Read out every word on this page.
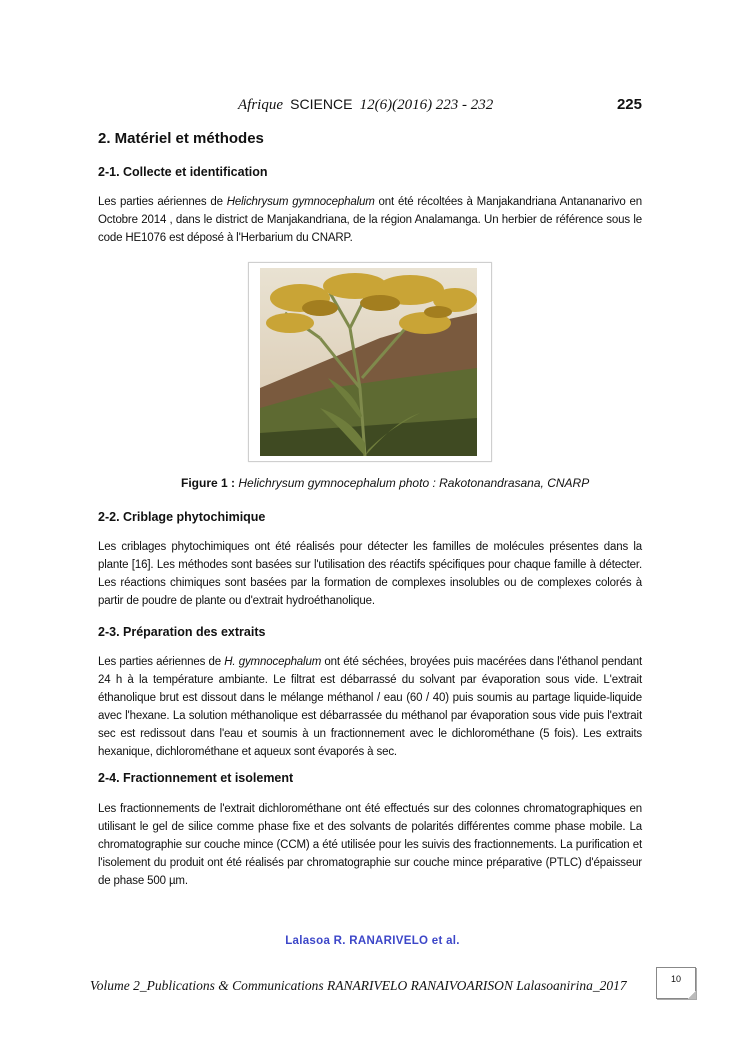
Afrique SCIENCE 12(6)(2016) 223 - 232	225
2. Matériel et méthodes
2-1. Collecte et identification
Les parties aériennes de Helichrysum gymnocephalum ont été récoltées à Manjakandriana Antananarivo en Octobre 2014 , dans le district de Manjakandriana, de la région Analamanga. Un herbier de référence sous le code HE1076 est déposé à l'Herbarium du CNARP.
Figure 1 : Helichrysum gymnocephalum photo : Rakotonandrasana, CNARP
2-2. Criblage phytochimique
Les criblages phytochimiques ont été réalisés pour détecter les familles de molécules présentes dans la plante [16]. Les méthodes sont basées sur l'utilisation des réactifs spécifiques pour chaque famille à détecter. Les réactions chimiques sont basées par la formation de complexes insolubles ou de complexes colorés à partir de poudre de plante ou d'extrait hydroéthanolique.
2-3. Préparation des extraits
Les parties aériennes de H. gymnocephalum ont été séchées, broyées puis macérées dans l'éthanol pendant 24 h à la température ambiante. Le filtrat est débarrassé du solvant par évaporation sous vide. L'extrait éthanolique brut est dissout dans le mélange méthanol / eau (60 / 40) puis soumis au partage liquide-liquide avec l'hexane. La solution méthanolique est débarrassée du méthanol par évaporation sous vide puis l'extrait sec est redissout dans l'eau et soumis à un fractionnement avec le dichlorométhane (5 fois). Les extraits hexanique, dichlorométhane et aqueux sont évaporés à sec.
2-4. Fractionnement et isolement
Les fractionnements de l'extrait dichlorométhane ont été effectués sur des colonnes chromatographiques en utilisant le gel de silice comme phase fixe et des solvants de polarités différentes comme phase mobile. La chromatographie sur couche mince (CCM) a été utilisée pour les suivis des fractionnements. La purification et l'isolement du produit ont été réalisés par chromatographie sur couche mince préparative (PTLC) d'épaisseur de phase 500 µm.
Lalasoa R. RANARIVELO et al.
Volume 2_Publications & Communications RANARIVELO RANAIVOARISON Lalasoanirina_2017	10
